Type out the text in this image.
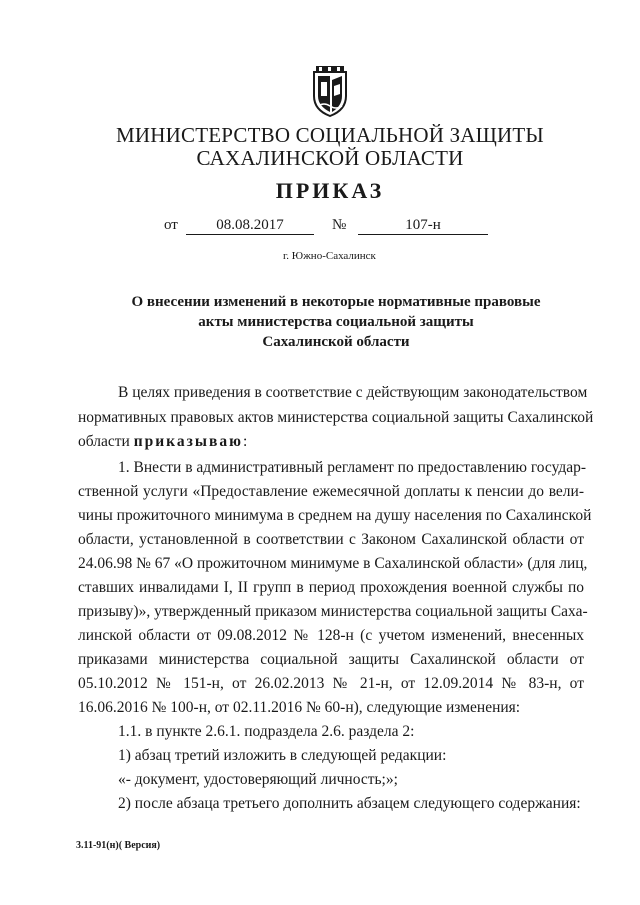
МИНИСТЕРСТВО СОЦИАЛЬНОЙ ЗАЩИТЫ
САХАЛИНСКОЙ ОБЛАСТИ
ПРИКАЗ
от	08.08.2017	№	107-н
г. Южно-Сахалинск
О внесении изменений в некоторые нормативные правовые
акты министерства социальной защиты
Сахалинской области
В целях приведения в соответствие с действующим законодательством
нормативных правовых актов министерства социальной защиты Сахалинской
области приказываю:
1. Внести в административный регламент по предоставлению государ-
ственной услуги «Предоставление ежемесячной доплаты к пенсии до вели-
чины прожиточного минимума в среднем на душу населения по Сахалинской
области, установленной в соответствии с Законом Сахалинской области от
24.06.98 № 67 «О прожиточном минимуме в Сахалинской области» (для лиц,
ставших инвалидами I, II групп в период прохождения военной службы по
призыву)», утвержденный приказом министерства социальной защиты Саха-
линской области от 09.08.2012 № 128-н (с учетом изменений, внесенных
приказами министерства социальной защиты Сахалинской области от
05.10.2012 № 151-н, от 26.02.2013 № 21-н, от 12.09.2014 № 83-н, от
16.06.2016 № 100-н, от 02.11.2016 № 60-н), следующие изменения:
1.1. в пункте 2.6.1. подраздела 2.6. раздела 2:
1) абзац третий изложить в следующей редакции:
«- документ, удостоверяющий личность;»;
2) после абзаца третьего дополнить абзацем следующего содержания:
3.11-91(н)( Версия)
